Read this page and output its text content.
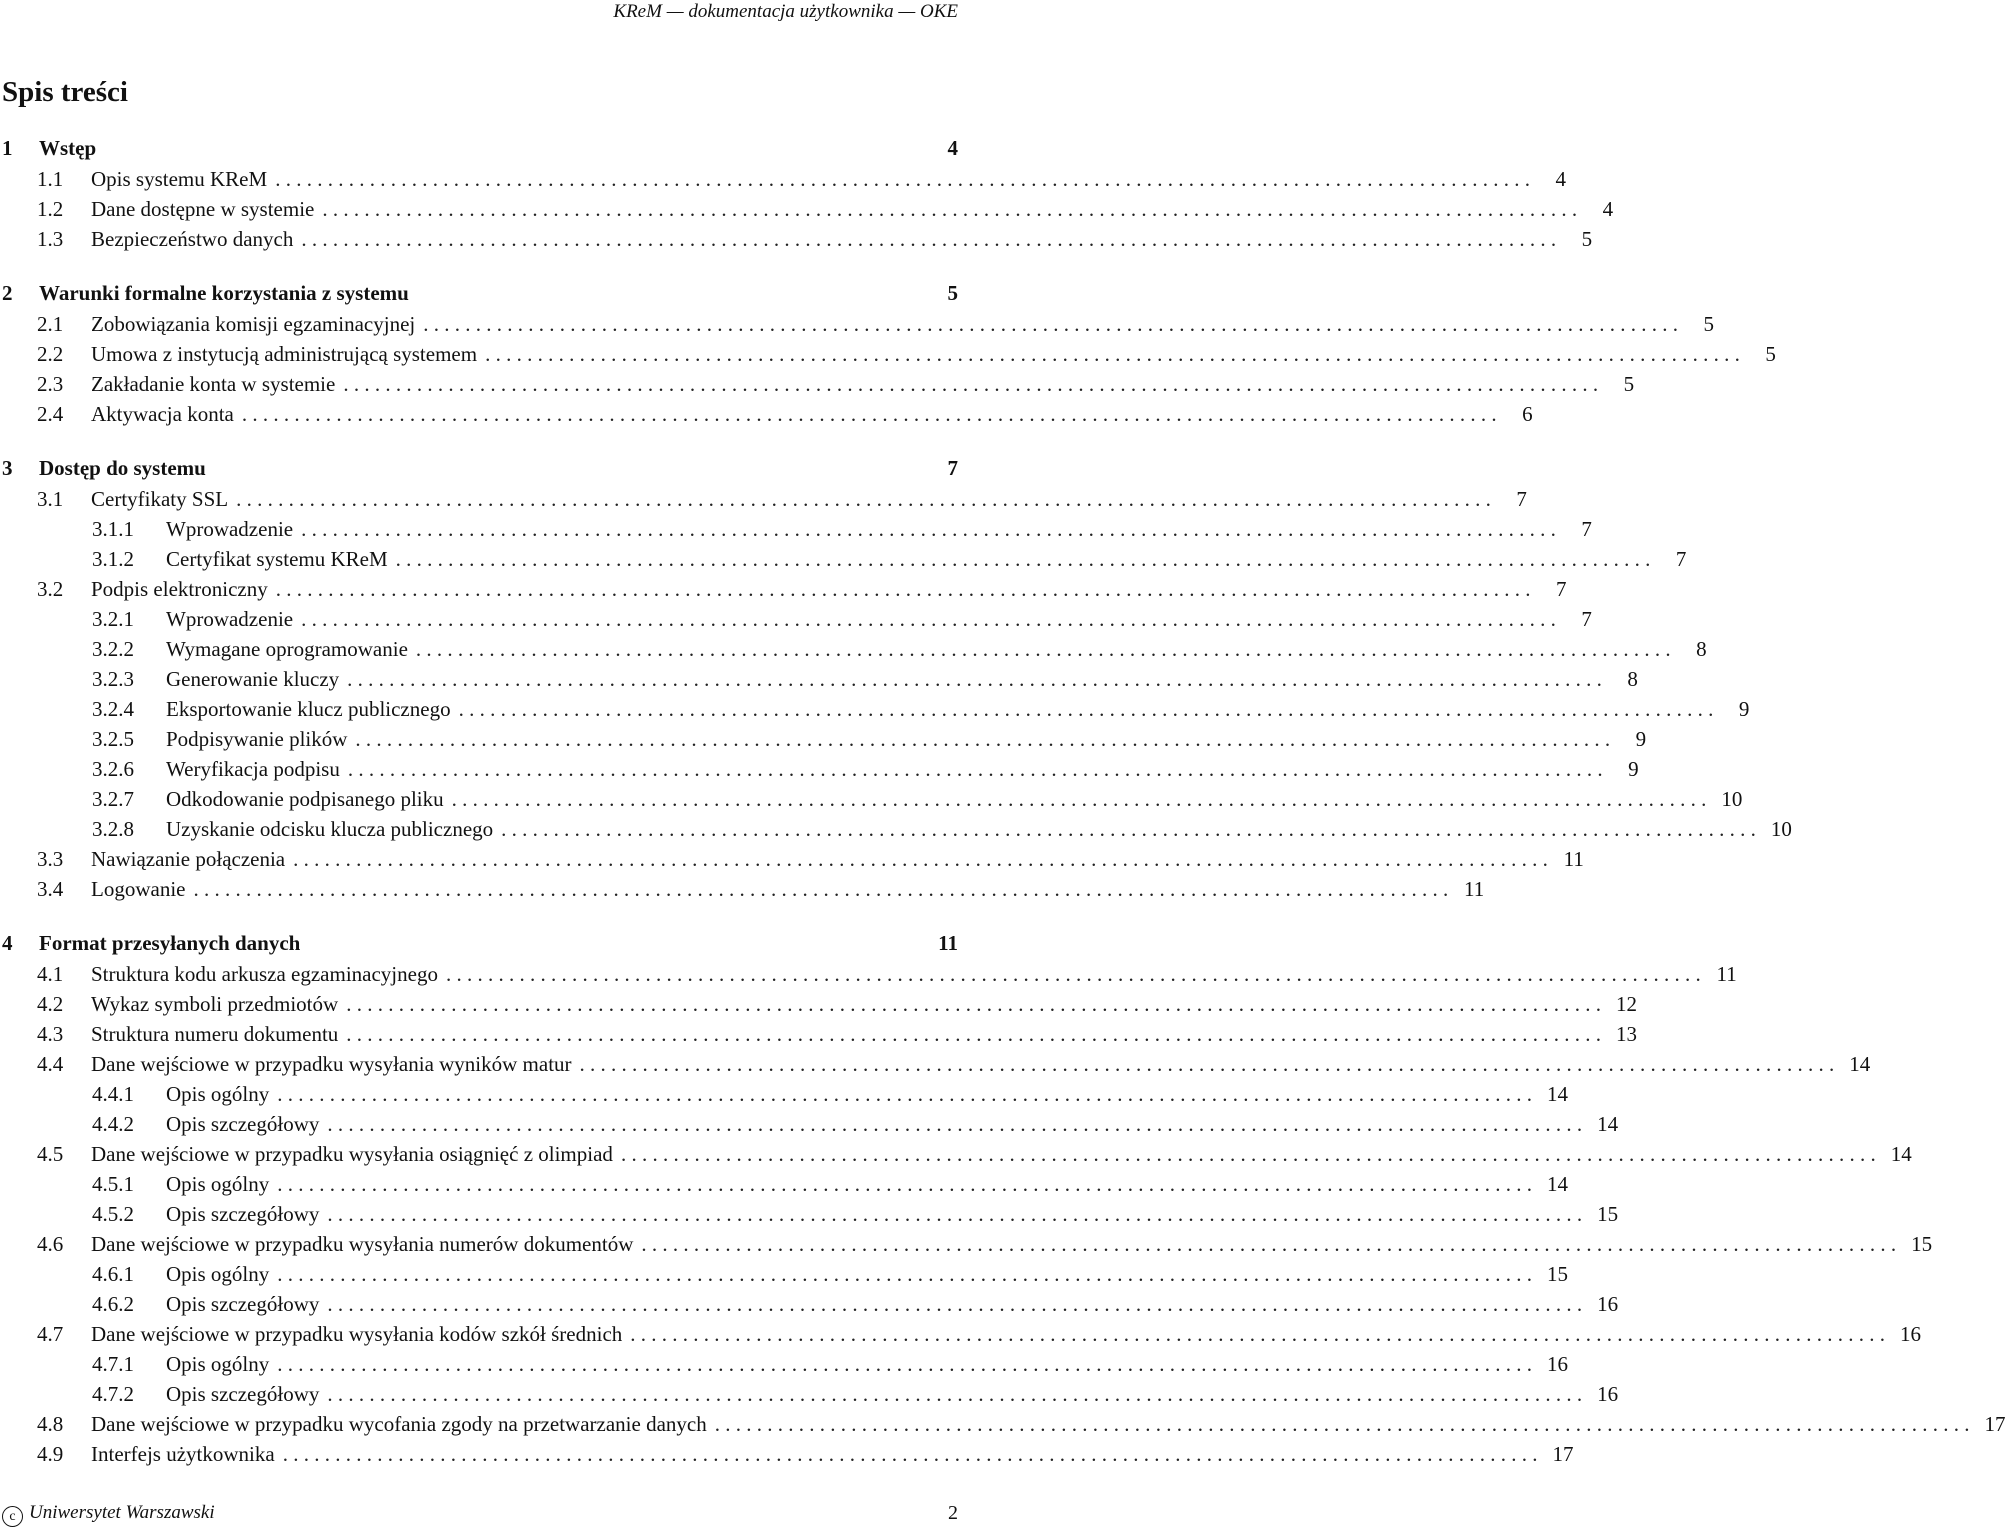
KReM — dokumentacja użytkownika — OKE
Spis treści
1	Wstęp	4
1.1	Opis systemu KReM . . . . . . . . . . . . . . . . . . . . . . . . . . . . . . . . . . . . . . . . . . . . . . . . . . . . . . . . . . . . . . . . . . . . . . . . . . . . . . . . . . . . . . . . . . . . . . . . . . . . . . . . . . . . . . . . . . . . . . . .	4
1.2	Dane dostępne w systemie . . . . . . . . . . . . . . . . . . . . . . . . . . . . . . . . . . . . . . . . . . . . . . . . . . . . . . . . . . . . . . . . . . . . . . . . . . . . . . . . . . . . . . . . . . . . . . . . . . . . . . . . . . . . . . . . . . . . . . . .	4
1.3	Bezpieczeństwo danych . . . . . . . . . . . . . . . . . . . . . . . . . . . . . . . . . . . . . . . . . . . . . . . . . . . . . . . . . . . . . . . . . . . . . . . . . . . . . . . . . . . . . . . . . . . . . . . . . . . . . . . . . . . . . . . . . . . . . . . .	5
2	Warunki formalne korzystania z systemu	5
2.1	Zobowiązania komisji egzaminacyjnej . . . . . . . . . . . . . . . . . . . . . . . . . . . . . . . . . . . . . . . . . . . . . . . . . . . . . . . . . . . . . . . . . . . . . . . . . . . . . . . . . . . . . . . . . . . . . . . . . . . . . . . . . . . . . . . . . . . . . . . .	5
2.2	Umowa z instytucją administrującą systemem . . . . . . . . . . . . . . . . . . . . . . . . . . . . . . . . . . . . . . . . . . . . . . . . . . . . . . . . . . . . . . . . . . . . . . . . . . . . . . . . . . . . . . . . . . . . . . . . . . . . . . . . . . . . . . . . . . . . . . . .	5
2.3	Zakładanie konta w systemie . . . . . . . . . . . . . . . . . . . . . . . . . . . . . . . . . . . . . . . . . . . . . . . . . . . . . . . . . . . . . . . . . . . . . . . . . . . . . . . . . . . . . . . . . . . . . . . . . . . . . . . . . . . . . . . . . . . . . . . .	5
2.4	Aktywacja konta . . . . . . . . . . . . . . . . . . . . . . . . . . . . . . . . . . . . . . . . . . . . . . . . . . . . . . . . . . . . . . . . . . . . . . . . . . . . . . . . . . . . . . . . . . . . . . . . . . . . . . . . . . . . . . . . . . . . . . . .	6
3	Dostęp do systemu	7
3.1	Certyfikaty SSL . . . . . . . . . . . . . . . . . . . . . . . . . . . . . . . . . . . . . . . . . . . . . . . . . . . . . . . . . . . . . . . . . . . . . . . . . . . . . . . . . . . . . . . . . . . . . . . . . . . . . . . . . . . . . . . . . . . . . . . .	7
3.1.1	Wprowadzenie . . . . . . . . . . . . . . . . . . . . . . . . . . . . . . . . . . . . . . . . . . . . . . . . . . . . . . . . . . . . . . . . . . . . . . . . . . . . . . . . . . . . . . . . . . . . . . . . . . . . . . . . . . . . . . . . . . . . . . . .	7
3.1.2	Certyfikat systemu KReM . . . . . . . . . . . . . . . . . . . . . . . . . . . . . . . . . . . . . . . . . . . . . . . . . . . . . . . . . . . . . . . . . . . . . . . . . . . . . . . . . . . . . . . . . . . . . . . . . . . . . . . . . . . . . . . . . . . . . . . .	7
3.2	Podpis elektroniczny . . . . . . . . . . . . . . . . . . . . . . . . . . . . . . . . . . . . . . . . . . . . . . . . . . . . . . . . . . . . . . . . . . . . . . . . . . . . . . . . . . . . . . . . . . . . . . . . . . . . . . . . . . . . . . . . . . . . . . . .	7
3.2.1	Wprowadzenie . . . . . . . . . . . . . . . . . . . . . . . . . . . . . . . . . . . . . . . . . . . . . . . . . . . . . . . . . . . . . . . . . . . . . . . . . . . . . . . . . . . . . . . . . . . . . . . . . . . . . . . . . . . . . . . . . . . . . . . .	7
3.2.2	Wymagane oprogramowanie . . . . . . . . . . . . . . . . . . . . . . . . . . . . . . . . . . . . . . . . . . . . . . . . . . . . . . . . . . . . . . . . . . . . . . . . . . . . . . . . . . . . . . . . . . . . . . . . . . . . . . . . . . . . . . . . . . . . . . . .	8
3.2.3	Generowanie kluczy . . . . . . . . . . . . . . . . . . . . . . . . . . . . . . . . . . . . . . . . . . . . . . . . . . . . . . . . . . . . . . . . . . . . . . . . . . . . . . . . . . . . . . . . . . . . . . . . . . . . . . . . . . . . . . . . . . . . . . . .	8
3.2.4	Eksportowanie klucz publicznego . . . . . . . . . . . . . . . . . . . . . . . . . . . . . . . . . . . . . . . . . . . . . . . . . . . . . . . . . . . . . . . . . . . . . . . . . . . . . . . . . . . . . . . . . . . . . . . . . . . . . . . . . . . . . . . . . . . . . . . .	9
3.2.5	Podpisywanie plików . . . . . . . . . . . . . . . . . . . . . . . . . . . . . . . . . . . . . . . . . . . . . . . . . . . . . . . . . . . . . . . . . . . . . . . . . . . . . . . . . . . . . . . . . . . . . . . . . . . . . . . . . . . . . . . . . . . . . . . .	9
3.2.6	Weryfikacja podpisu . . . . . . . . . . . . . . . . . . . . . . . . . . . . . . . . . . . . . . . . . . . . . . . . . . . . . . . . . . . . . . . . . . . . . . . . . . . . . . . . . . . . . . . . . . . . . . . . . . . . . . . . . . . . . . . . . . . . . . . .	9
3.2.7	Odkodowanie podpisanego pliku . . . . . . . . . . . . . . . . . . . . . . . . . . . . . . . . . . . . . . . . . . . . . . . . . . . . . . . . . . . . . . . . . . . . . . . . . . . . . . . . . . . . . . . . . . . . . . . . . . . . . . . . . . . . . . . . . . . . . . . . 10
3.2.8	Uzyskanie odcisku klucza publicznego . . . . . . . . . . . . . . . . . . . . . . . . . . . . . . . . . . . . . . . . . . . . . . . . . . . . . . . . . . . . . . . . . . . . . . . . . . . . . . . . . . . . . . . . . . . . . . . . . . . . . . . . . . . . . . . . . . . . . . . . 10
3.3	Nawiązanie połączenia . . . . . . . . . . . . . . . . . . . . . . . . . . . . . . . . . . . . . . . . . . . . . . . . . . . . . . . . . . . . . . . . . . . . . . . . . . . . . . . . . . . . . . . . . . . . . . . . . . . . . . . . . . . . . . . . . . . . . . . . 11
3.4	Logowanie . . . . . . . . . . . . . . . . . . . . . . . . . . . . . . . . . . . . . . . . . . . . . . . . . . . . . . . . . . . . . . . . . . . . . . . . . . . . . . . . . . . . . . . . . . . . . . . . . . . . . . . . . . . . . . . . . . . . . . . . 11
4	Format przesyłanych danych	11
4.1	Struktura kodu arkusza egzaminacyjnego . . . . . . . . . . . . . . . . . . . . . . . . . . . . . . . . . . . . . . . . . . . . . . . . . . . . . . . . . . . . . . . . . . . . . . . . . . . . . . . . . . . . . . . . . . . . . . . . . . . . . . . . . . . . . . . . . . . . . . . . 11
4.2	Wykaz symboli przedmiotów . . . . . . . . . . . . . . . . . . . . . . . . . . . . . . . . . . . . . . . . . . . . . . . . . . . . . . . . . . . . . . . . . . . . . . . . . . . . . . . . . . . . . . . . . . . . . . . . . . . . . . . . . . . . . . . . . . . . . . . . 12
4.3	Struktura numeru dokumentu . . . . . . . . . . . . . . . . . . . . . . . . . . . . . . . . . . . . . . . . . . . . . . . . . . . . . . . . . . . . . . . . . . . . . . . . . . . . . . . . . . . . . . . . . . . . . . . . . . . . . . . . . . . . . . . . . . . . . . . . 13
4.4	Dane wejściowe w przypadku wysyłania wyników matur . . . . . . . . . . . . . . . . . . . . . . . . . . . . . . . . . . . . . . . . . . . . . . . . . . . . . . . . . . . . . . . . . . . . . . . . . . . . . . . . . . . . . . . . . . . . . . . . . . . . . . . . . . . . . . . . . . . . . . . . 14
4.4.1	Opis ogólny . . . . . . . . . . . . . . . . . . . . . . . . . . . . . . . . . . . . . . . . . . . . . . . . . . . . . . . . . . . . . . . . . . . . . . . . . . . . . . . . . . . . . . . . . . . . . . . . . . . . . . . . . . . . . . . . . . . . . . . . 14
4.4.2	Opis szczegółowy . . . . . . . . . . . . . . . . . . . . . . . . . . . . . . . . . . . . . . . . . . . . . . . . . . . . . . . . . . . . . . . . . . . . . . . . . . . . . . . . . . . . . . . . . . . . . . . . . . . . . . . . . . . . . . . . . . . . . . . . 14
4.5	Dane wejściowe w przypadku wysyłania osiągnięć z olimpiad . . . . . . . . . . . . . . . . . . . . . . . . . . . . . . . . . . . . . . . . . . . . . . . . . . . . . . . . . . . . . . . . . . . . . . . . . . . . . . . . . . . . . . . . . . . . . . . . . . . . . . . . . . . . . . . . . . . . . . . . 14
4.5.1	Opis ogólny . . . . . . . . . . . . . . . . . . . . . . . . . . . . . . . . . . . . . . . . . . . . . . . . . . . . . . . . . . . . . . . . . . . . . . . . . . . . . . . . . . . . . . . . . . . . . . . . . . . . . . . . . . . . . . . . . . . . . . . . 14
4.5.2	Opis szczegółowy . . . . . . . . . . . . . . . . . . . . . . . . . . . . . . . . . . . . . . . . . . . . . . . . . . . . . . . . . . . . . . . . . . . . . . . . . . . . . . . . . . . . . . . . . . . . . . . . . . . . . . . . . . . . . . . . . . . . . . . . 15
4.6	Dane wejściowe w przypadku wysyłania numerów dokumentów . . . . . . . . . . . . . . . . . . . . . . . . . . . . . . . . . . . . . . . . . . . . . . . . . . . . . . . . . . . . . . . . . . . . . . . . . . . . . . . . . . . . . . . . . . . . . . . . . . . . . . . . . . . . . . . . . . . . . . . . 15
4.6.1	Opis ogólny . . . . . . . . . . . . . . . . . . . . . . . . . . . . . . . . . . . . . . . . . . . . . . . . . . . . . . . . . . . . . . . . . . . . . . . . . . . . . . . . . . . . . . . . . . . . . . . . . . . . . . . . . . . . . . . . . . . . . . . . 15
4.6.2	Opis szczegółowy . . . . . . . . . . . . . . . . . . . . . . . . . . . . . . . . . . . . . . . . . . . . . . . . . . . . . . . . . . . . . . . . . . . . . . . . . . . . . . . . . . . . . . . . . . . . . . . . . . . . . . . . . . . . . . . . . . . . . . . . 16
4.7	Dane wejściowe w przypadku wysyłania kodów szkół średnich . . . . . . . . . . . . . . . . . . . . . . . . . . . . . . . . . . . . . . . . . . . . . . . . . . . . . . . . . . . . . . . . . . . . . . . . . . . . . . . . . . . . . . . . . . . . . . . . . . . . . . . . . . . . . . . . . . . . . . . . 16
4.7.1	Opis ogólny . . . . . . . . . . . . . . . . . . . . . . . . . . . . . . . . . . . . . . . . . . . . . . . . . . . . . . . . . . . . . . . . . . . . . . . . . . . . . . . . . . . . . . . . . . . . . . . . . . . . . . . . . . . . . . . . . . . . . . . . 16
4.7.2	Opis szczegółowy . . . . . . . . . . . . . . . . . . . . . . . . . . . . . . . . . . . . . . . . . . . . . . . . . . . . . . . . . . . . . . . . . . . . . . . . . . . . . . . . . . . . . . . . . . . . . . . . . . . . . . . . . . . . . . . . . . . . . . . . 16
4.8	Dane wejściowe w przypadku wycofania zgody na przetwarzanie danych . . . . . . . . . . . . . . . . . . . . . . . . . . . . . . . . . . . . . . . . . . . . . . . . . . . . . . . . . . . . . . . . . . . . . . . . . . . . . . . . . . . . . . . . . . . . . . . . . . . . . . . . . . . . . . . . . . . . . . . . 17
4.9	Interfejs użytkownika . . . . . . . . . . . . . . . . . . . . . . . . . . . . . . . . . . . . . . . . . . . . . . . . . . . . . . . . . . . . . . . . . . . . . . . . . . . . . . . . . . . . . . . . . . . . . . . . . . . . . . . . . . . . . . . . . . . . . . . . 17
c Uniwersytet Warszawski	2
